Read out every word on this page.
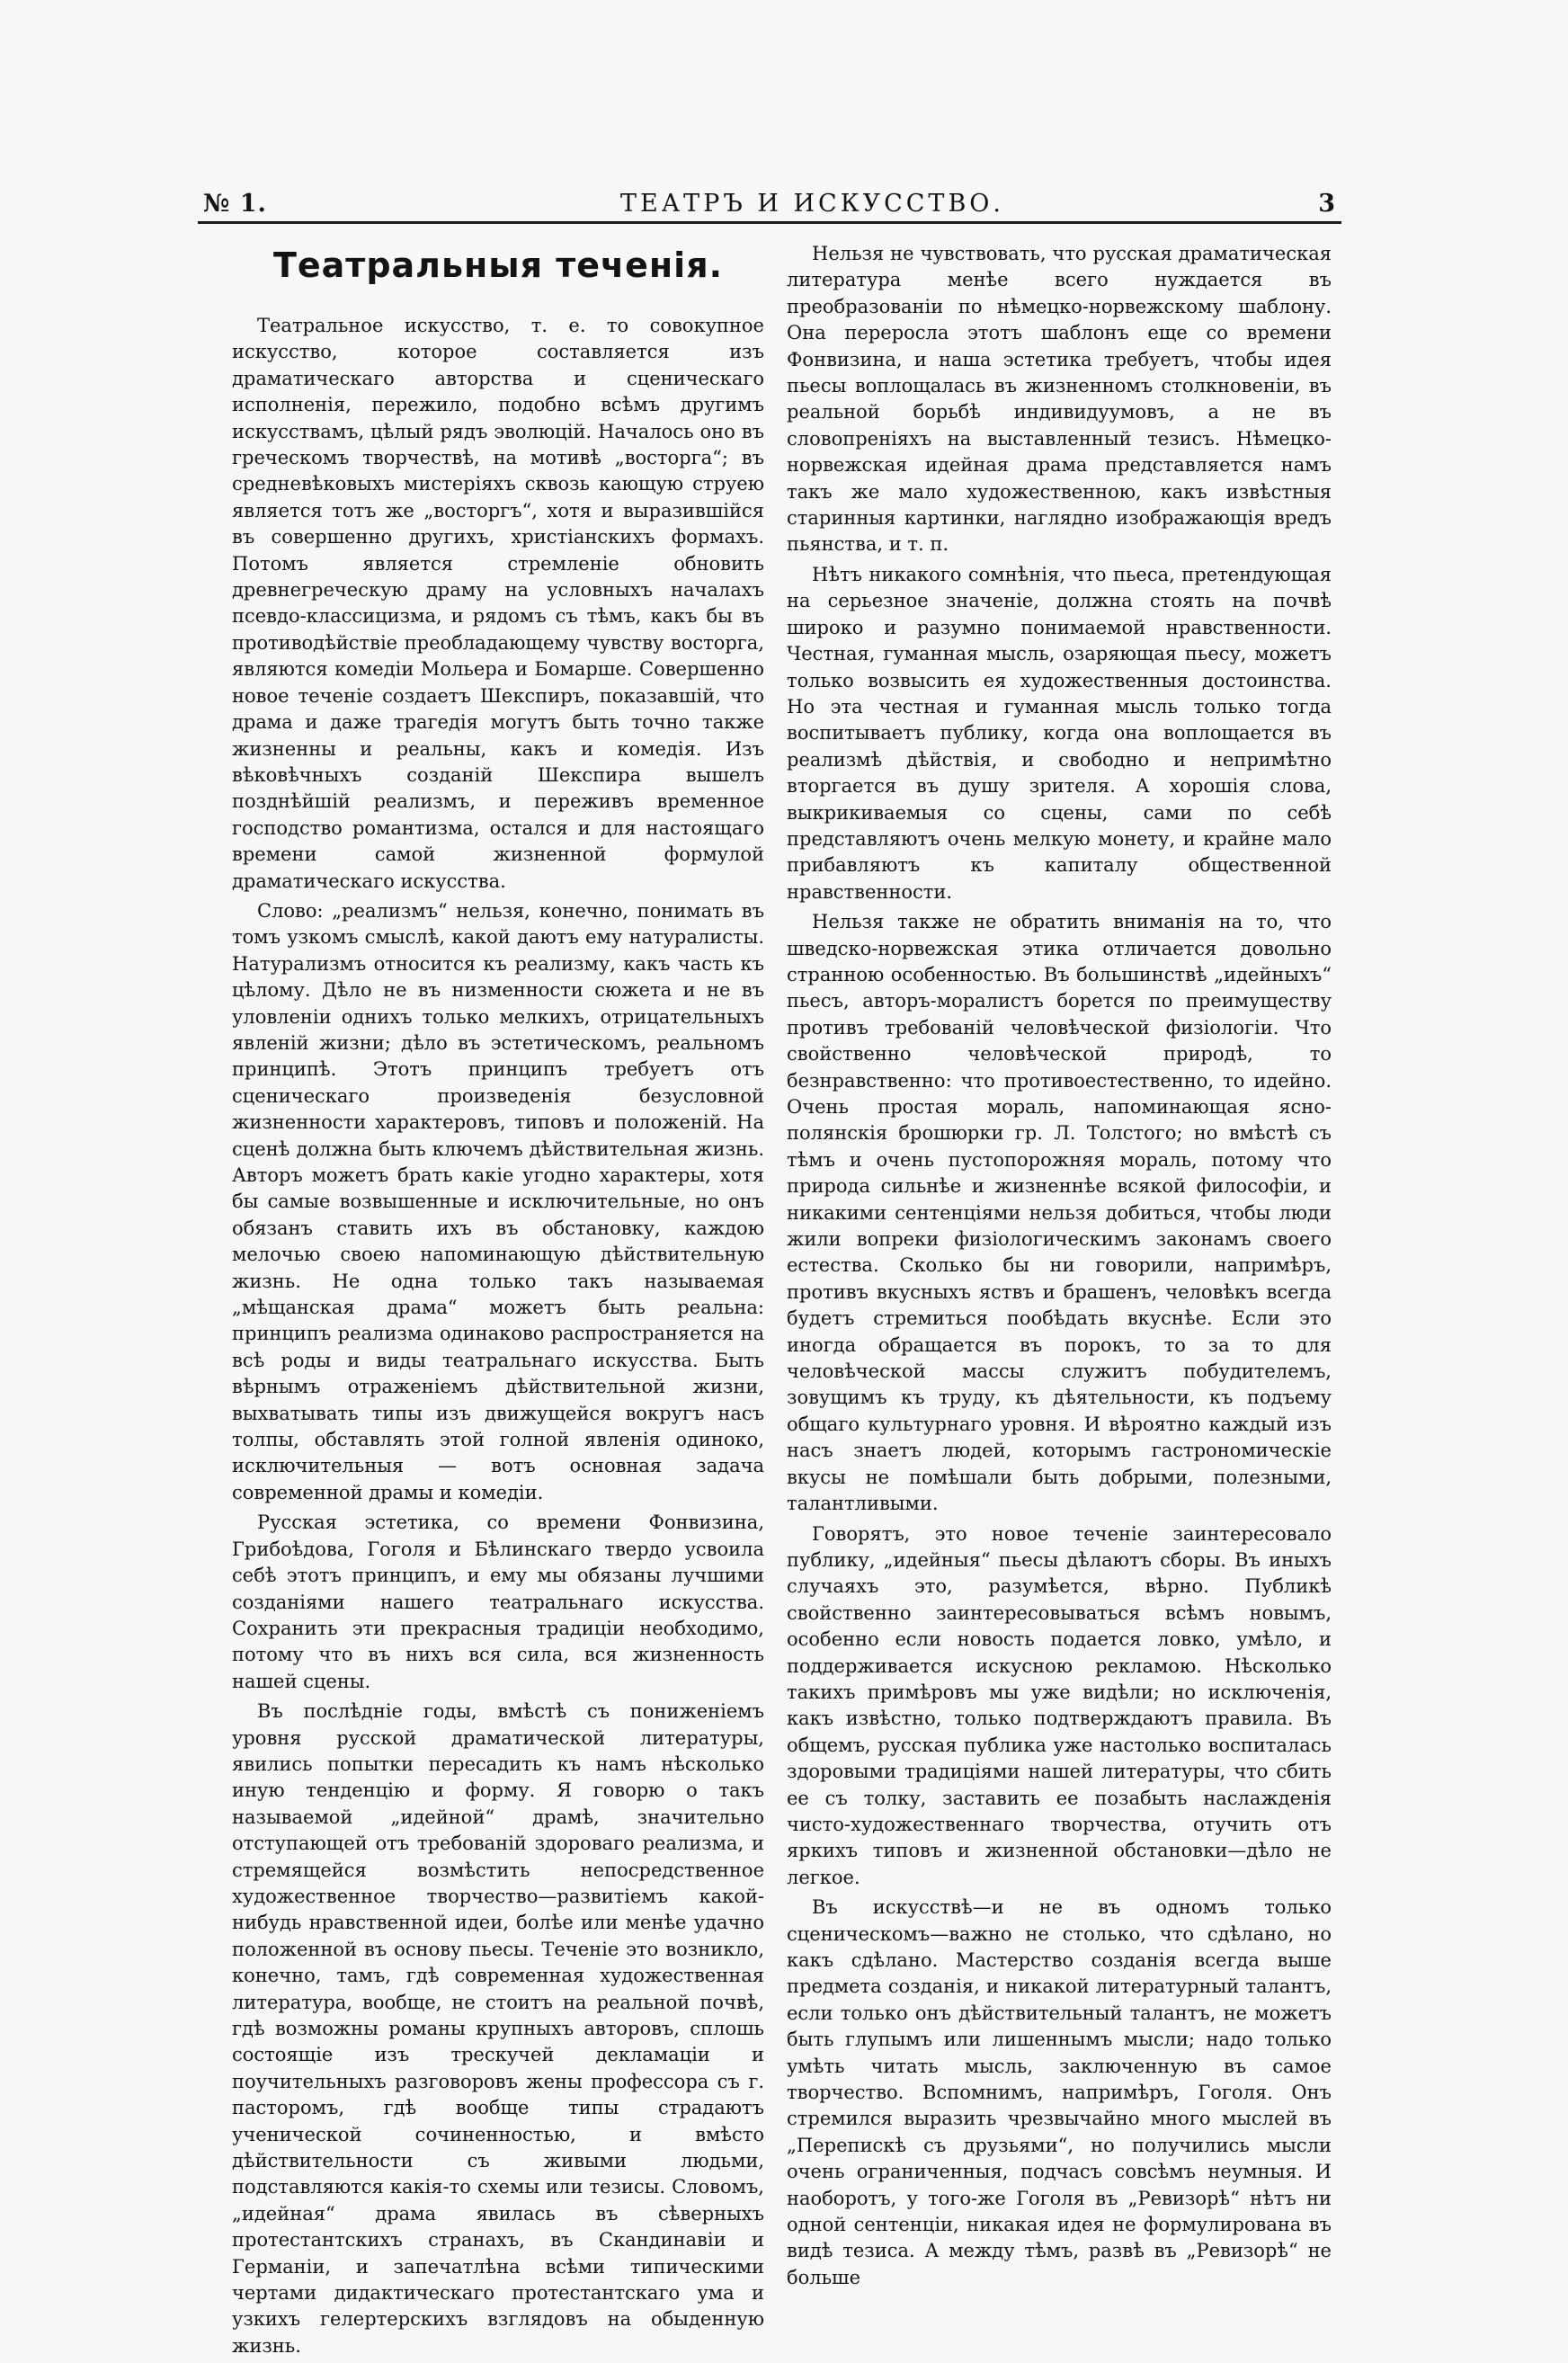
№ 1.	ТЕАТРЪ И ИСКУССТВО.	3
Театральныя теченія.

Театральное искусство, т. е. то совокупное искусство, которое составляется изъ драматическаго авторства и сценическаго исполненія, пережило, подобно всѣмъ другимъ искусствамъ, цѣлый рядъ эволюцій. Началось оно въ греческомъ творчествѣ, на мотивѣ „восторга“; въ средневѣковыхъ мистеріяхъ сквозь кающую струею является тотъ же „восторгъ“, хотя и выразившійся въ совершенно другихъ, христіанскихъ формахъ. Потомъ является стремленіе обновить древнегреческую драму на условныхъ началахъ псевдо-классицизма, и рядомъ съ тѣмъ, какъ бы въ противодѣйствіе преобладающему чувству восторга, являются комедіи Мольера и Бомарше. Совершенно новое теченіе создаетъ Шекспиръ, показавшій, что драма и даже трагедія могутъ быть точно также жизненны и реальны, какъ и комедія. Изъ вѣковѣчныхъ созданій Шекспира вышелъ позднѣйшій реализмъ, и переживъ временное господство романтизма, остался и для настоящаго времени самой жизненной формулой драматическаго искусства.

Слово: „реализмъ“ нельзя, конечно, понимать въ томъ узкомъ смыслѣ, какой даютъ ему натуралисты. Натурализмъ относится къ реализму, какъ часть къ цѣлому. Дѣло не въ низменности сюжета и не въ уловленіи однихъ только мелкихъ, отрицательныхъ явленій жизни; дѣло въ эстетическомъ, реальномъ принципѣ. Этотъ принципъ требуетъ отъ сценическаго произведенія безусловной жизненности характеровъ, типовъ и положеній. На сценѣ должна быть ключемъ дѣйствительная жизнь. Авторъ можетъ брать какіе угодно характеры, хотя бы самые возвышенные и исключительные, но онъ обязанъ ставить ихъ въ обстановку, каждою мелочью своею напоминающую дѣйствительную жизнь. Не одна только такъ называемая „мѣщанская драма“ можетъ быть реальна: принципъ реализма одинаково распространяется на всѣ роды и виды театральнаго искусства. Быть вѣрнымъ отраженіемъ дѣйствительной жизни, выхватывать типы изъ движущейся вокругъ насъ толпы, обставлять этой голной явленія одиноко, исключительныя — вотъ основная задача современной драмы и комедіи.

Русская эстетика, со времени Фонвизина, Грибоѣдова, Гоголя и Бѣлинскаго твердо усвоила себѣ этотъ принципъ, и ему мы обязаны лучшими созданіями нашего театральнаго искусства. Сохранить эти прекрасныя традиціи необходимо, потому что въ нихъ вся сила, вся жизненность нашей сцены.

Въ послѣдніе годы, вмѣстѣ съ пониженіемъ уровня русской драматической литературы, явились попытки пересадить къ намъ нѣсколько иную тенденцію и форму. Я говорю о такъ называемой „идейной“ драмѣ, значительно отступающей отъ требованій здороваго реализма, и стремящейся возмѣстить непосредственное художественное творчество—развитіемъ какой-нибудь нравственной идеи, болѣе или менѣе удачно положенной въ основу пьесы. Теченіе это возникло, конечно, тамъ, гдѣ современная художественная литература, вообще, не стоитъ на реальной почвѣ, гдѣ возможны романы крупныхъ авторовъ, сплошь состоящіе изъ трескучей декламаціи и поучительныхъ разговоровъ жены профессора съ г. пасторомъ, гдѣ вообще типы страдаютъ ученической сочиненностью, и вмѣсто дѣйствительности съ живыми людьми, подставляются какія-то схемы или тезисы. Словомъ, „идейная“ драма явилась въ сѣверныхъ протестантскихъ странахъ, въ Скандинавіи и Германіи, и запечатлѣна всѣми типическими чертами дидактическаго протестантскаго ума и узкихъ гелертерскихъ взглядовъ на обыденную жизнь.

Нельзя не чувствовать, что русская драматическая литература менѣе всего нуждается въ преобразованіи по нѣмецко-норвежскому шаблону. Она переросла этотъ шаблонъ еще со времени Фонвизина, и наша эстетика требуетъ, чтобы идея пьесы воплощалась въ жизненномъ столкновеніи, въ реальной борьбѣ индивидуумовъ, а не въ словопреніяхъ на выставленный тезисъ. Нѣмецко-норвежская идейная драма представляется намъ такъ же мало художественною, какъ извѣстныя старинныя картинки, наглядно изображающія вредъ пьянства, и т. п.

Нѣтъ никакого сомнѣнія, что пьеса, претендующая на серьезное значеніе, должна стоять на почвѣ широко и разумно понимаемой нравственности. Честная, гуманная мысль, озаряющая пьесу, можетъ только возвысить ея художественныя достоинства. Но эта честная и гуманная мысль только тогда воспитываетъ публику, когда она воплощается въ реализмѣ дѣйствія, и свободно и непримѣтно вторгается въ душу зрителя. А хорошія слова, выкрикиваемыя со сцены, сами по себѣ представляютъ очень мелкую монету, и крайне мало прибавляютъ къ капиталу общественной нравственности.

Нельзя также не обратить вниманія на то, что шведско-норвежская этика отличается довольно странною особенностью. Въ большинствѣ „идейныхъ“ пьесъ, авторъ-моралистъ борется по преимуществу противъ требованій человѣческой физіологіи. Что свойственно человѣческой природѣ, то безнравственно: что противоестественно, то идейно. Очень простая мораль, напоминающая ясно-полянскія брошюрки гр. Л. Толстого; но вмѣстѣ съ тѣмъ и очень пустопорожняя мораль, потому что природа сильнѣе и жизненнѣе всякой философіи, и никакими сентенціями нельзя добиться, чтобы люди жили вопреки физіологическимъ законамъ своего естества. Сколько бы ни говорили, напримѣръ, противъ вкусныхъ яствъ и брашенъ, человѣкъ всегда будетъ стремиться пообѣдать вкуснѣе. Если это иногда обращается въ порокъ, то за то для человѣческой массы служитъ побудителемъ, зовущимъ къ труду, къ дѣятельности, къ подъему общаго культурнаго уровня. И вѣроятно каждый изъ насъ знаетъ людей, которымъ гастрономическіе вкусы не помѣшали быть добрыми, полезными, талантливыми.

Говорятъ, это новое теченіе заинтересовало публику, „идейныя“ пьесы дѣлаютъ сборы. Въ иныхъ случаяхъ это, разумѣется, вѣрно. Публикѣ свойственно заинтересовываться всѣмъ новымъ, особенно если новость подается ловко, умѣло, и поддерживается искусною рекламою. Нѣсколько такихъ примѣровъ мы уже видѣли; но исключенія, какъ извѣстно, только подтверждаютъ правила. Въ общемъ, русская публика уже настолько воспиталась здоровыми традиціями нашей литературы, что сбить ее съ толку, заставить ее позабыть наслажденія чисто-художественнаго творчества, отучить отъ яркихъ типовъ и жизненной обстановки—дѣло не легкое.

Въ искусствѣ—и не въ одномъ только сценическомъ—важно не столько, что сдѣлано, но какъ сдѣлано. Мастерство созданія всегда выше предмета созданія, и никакой литературный талантъ, если только онъ дѣйствительный талантъ, не можетъ быть глупымъ или лишеннымъ мысли; надо только умѣть читать мысль, заключенную въ самое творчество. Вспомнимъ, напримѣръ, Гоголя. Онъ стремился выразить чрезвычайно много мыслей въ „Перепискѣ съ друзьями“, но получились мысли очень ограниченныя, подчасъ совсѣмъ неумныя. И наоборотъ, у того-же Гоголя въ „Ревизорѣ“ нѣтъ ни одной сентенціи, никакая идея не формулирована въ видѣ тезиса. А между тѣмъ, развѣ въ „Ревизорѣ“ не больше
